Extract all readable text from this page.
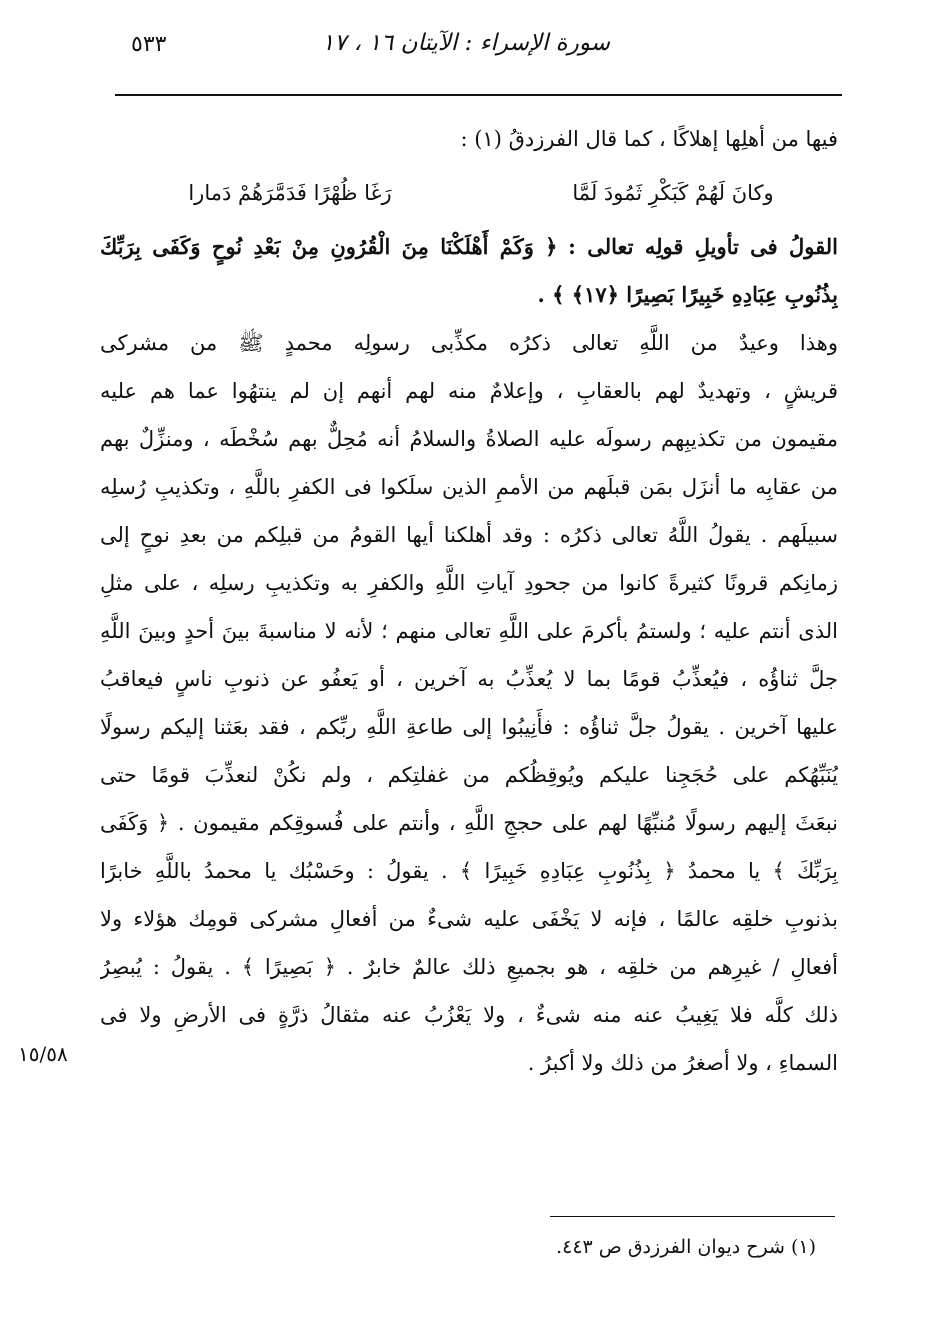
٥٣٣	سورة الإسراء : الآيتان ١٦ ، ١٧
فيها من أهلِها إهلاكًا ، كما قال الفرزدقُ (١) :
وكانَ لَهُمْ كَبَكْرِ ثَمُودَ لَمَّا
رَغَا ظُهْرًا فَدَمَّرَهُمْ دَمارا
القولُ فى تأويلِ قولِه تعالى : ﴿ وَكَمْ أَهْلَكْنَا مِنَ الْقُرُونِ مِنْ بَعْدِ نُوحٍ وَكَفَى بِرَبِّكَ
بِذُنُوبِ عِبَادِهِ خَبِيرًا بَصِيرًا ﴿١٧﴾ ﴾ .
وهذا وعيدٌ من اللَّهِ تعالى ذكرُه مكذِّبى رسولِه محمدٍ ﷺ من مشركى
قريشٍ ، وتهديدٌ لهم بالعقابِ ، وإعلامٌ منه لهم أنهم إن لم ينتهُوا عما هم عليه
مقيمون من تكذيبِهم رسولَه عليه الصلاةُ والسلامُ أنه مُحِلٌّ بهم سُخْطَه ، ومنزِّلٌ بهم
من عقابِه ما أنزَل بمَن قبلَهم من الأممِ الذين سلَكوا فى الكفرِ باللَّهِ ، وتكذيبِ رُسلِه
سبيلَهم . يقولُ اللَّهُ تعالى ذكرُه : وقد أهلكنا أيها القومُ من قبلِكم من بعدِ نوحٍ إلى
زمانِكم قرونًا كثيرةً كانوا من جحودِ آياتِ اللَّهِ والكفرِ به وتكذيبِ رسلِه ، على مثلِ
الذى أنتم عليه ؛ ولستمُ بأكرمَ على اللَّهِ تعالى منهم ؛ لأنه لا مناسبةَ بينَ أحدٍ وبينَ اللَّهِ
جلَّ ثناؤُه ، فيُعذِّبُ قومًا بما لا يُعذِّبُ به آخرين ، أو يَعفُو عن ذنوبِ ناسٍ فيعاقبُ
عليها آخرين . يقولُ جلَّ ثناؤُه : فأَنِيبُوا إلى طاعةِ اللَّهِ ربِّكم ، فقد بعَثنا إليكم رسولًا
يُنَبِّهُكم على حُجَجِنا عليكم ويُوقِظُكم من غفلتِكم ، ولم نكُنْ لنعذِّبَ قومًا حتى
نبعَثَ إليهم رسولًا مُنبِّهًا لهم على حججِ اللَّهِ ، وأنتم على فُسوقِكم مقيمون . ﴿ وَكَفَى
بِرَبِّكَ ﴾ يا محمدُ ﴿ بِذُنُوبِ عِبَادِهِ خَبِيرًا ﴾ . يقولُ : وحَسْبُك يا محمدُ باللَّهِ خابرًا
بذنوبِ خلقِه عالمًا ، فإنه لا يَخْفَى عليه شىءٌ من أفعالِ مشركى قومِك هؤلاء ولا
أفعالِ / غيرِهم من خلقِه ، هو بجميعِ ذلك عالمٌ خابرٌ . ﴿ بَصِيرًا ﴾ . يقولُ : يُبصِرُ
ذلك كلَّه فلا يَغِيبُ عنه منه شىءٌ ، ولا يَعْزُبُ عنه مثقالُ ذرَّةٍ فى الأرضِ ولا فى
السماءِ ، ولا أصغرُ من ذلك ولا أكبرُ .
١٥/٥٨
(١) شرح ديوان الفرزدق ص ٤٤٣.
